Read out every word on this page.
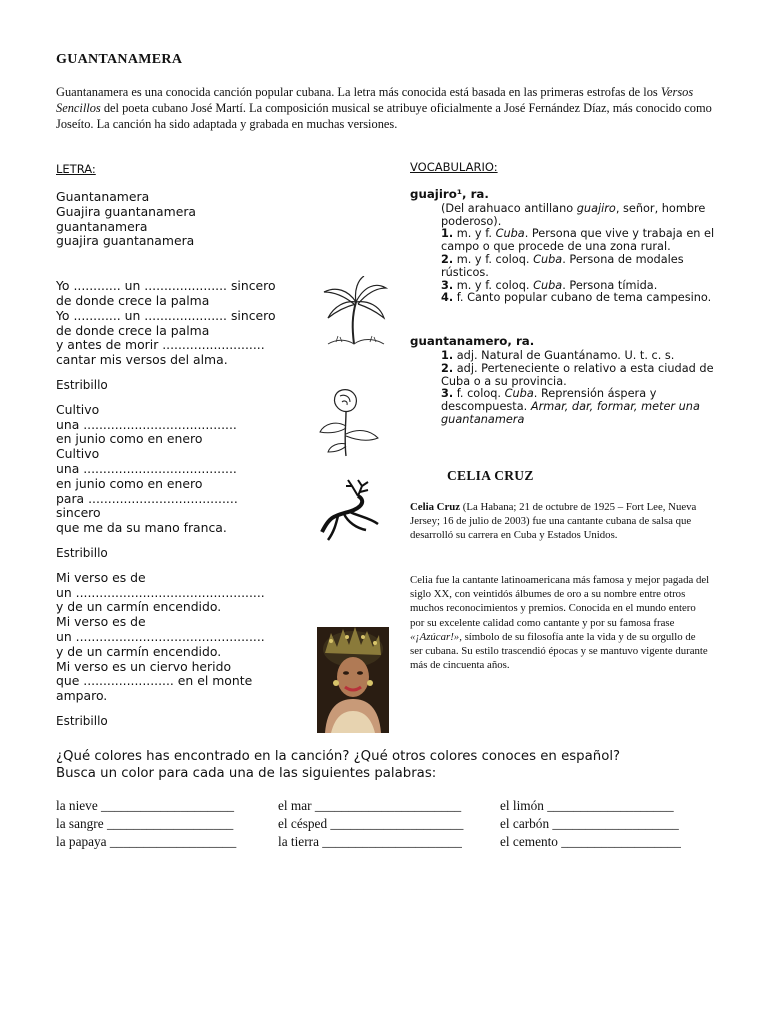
GUANTANAMERA
Guantanamera es una conocida canción popular cubana. La letra más conocida está basada en las primeras estrofas de los Versos Sencillos del poeta cubano José Martí. La composición musical se atribuye oficialmente a José Fernández Díaz, más conocido como Joseíto. La canción ha sido adaptada y grabada en muchas versiones.
LETRA:

Guantanamera

Guajira guantanamera

guantanamera

guajira guantanamera

Yo ............ un ..................... sincero

de donde crece la palma

Yo ............ un ..................... sincero

de donde crece la palma

y antes de morir ..........................

cantar mis versos del alma.

Estribillo

Cultivo

una .......................................

en junio como en enero

Cultivo

una .......................................

en junio como en enero

para ......................................

sincero

que me da su mano franca.

Estribillo

Mi verso es de

un ................................................

y de un carmín encendido.

Mi verso es de

un ................................................

y de un carmín encendido.

Mi verso es un ciervo herido

que ....................... en el monte

amparo.

Estribillo

VOCABULARIO:
guajiro¹, ra.
(Del arahuaco antillano guajiro, señor, hombre poderoso).
1. m. y f. Cuba. Persona que vive y trabaja en el campo o que procede de una zona rural.
2. m. y f. coloq. Cuba. Persona de modales rústicos.
3. m. y f. coloq. Cuba. Persona tímida.
4. f. Canto popular cubano de tema campesino.
guantanamero, ra.
1. adj. Natural de Guantánamo. U. t. c. s.
2. adj. Perteneciente o relativo a esta ciudad de Cuba o a su provincia.
3. f. coloq. Cuba. Reprensión áspera y descompuesta. Armar, dar, formar, meter una guantanamera
CELIA CRUZ
Celia Cruz (La Habana; 21 de octubre de 1925 – Fort Lee, Nueva Jersey; 16 de julio de 2003) fue una cantante cubana de salsa que desarrolló su carrera en Cuba y Estados Unidos.
Celia fue la cantante latinoamericana más famosa y mejor pagada del siglo XX, con veintidós álbumes de oro a su nombre entre otros muchos reconocimientos y premios. Conocida en el mundo entero por su excelente calidad como cantante y por su famosa frase «¡Azúcar!», símbolo de su filosofía ante la vida y de su orgullo de ser cubana. Su estilo trascendió épocas y se mantuvo vigente durante más de cincuenta años.
¿Qué colores has encontrado en la canción? ¿Qué otros colores conoces en español?
Busca un color para cada una de las siguientes palabras:
la nieve ____________________	el mar ______________________	el limón ___________________
la sangre ___________________	el césped ____________________	el carbón ___________________
la papaya ___________________	la tierra _____________________	el cemento __________________
